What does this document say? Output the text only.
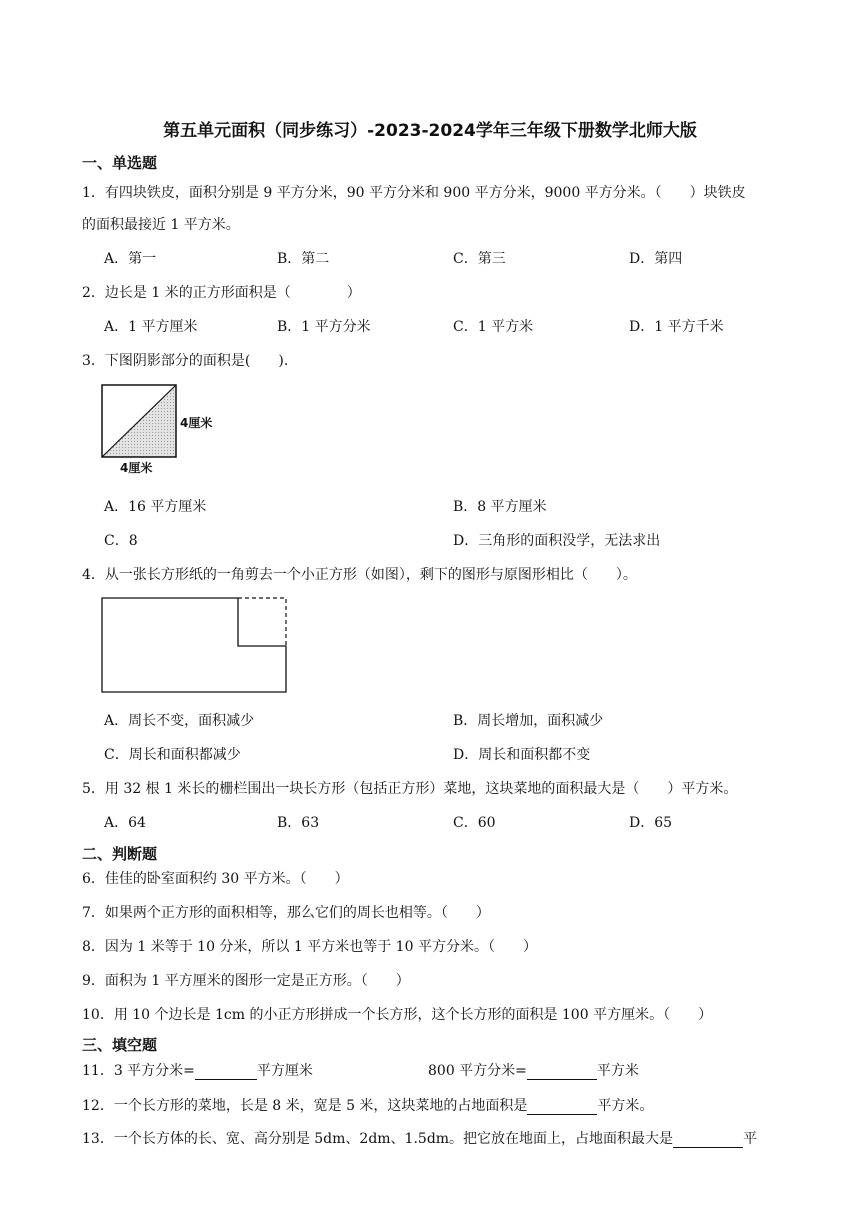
第五单元面积（同步练习）-2023-2024学年三年级下册数学北师大版
一、单选题
1．有四块铁皮，面积分别是 9 平方分米，90 平方分米和 900 平方分米，9000 平方分米。（　　）块铁皮
的面积最接近 1 平方米。
A．第一	B．第二	C．第三	D．第四
2．边长是 1 米的正方形面积是（　　　　）
A．1 平方厘米	B．1 平方分米	C．1 平方米	D．1 平方千米
3．下图阴影部分的面积是(　　).
4厘米
4厘米
A．16 平方厘米	B．8 平方厘米
C．8	D．三角形的面积没学，无法求出
4．从一张长方形纸的一角剪去一个小正方形（如图），剩下的图形与原图形相比（　　）。
A．周长不变，面积减少	B．周长增加，面积减少
C．周长和面积都减少	D．周长和面积都不变
5．用 32 根 1 米长的栅栏围出一块长方形（包括正方形）菜地，这块菜地的面积最大是（　　）平方米。
A．64	B．63	C．60	D．65
二、判断题
6．佳佳的卧室面积约 30 平方米。（　　）
7．如果两个正方形的面积相等，那么它们的周长也相等。（　　）
8．因为 1 米等于 10 分米，所以 1 平方米也等于 10 平方分米。（　　）
9．面积为 1 平方厘米的图形一定是正方形。（　　）
10．用 10 个边长是 1cm 的小正方形拼成一个长方形，这个长方形的面积是 100 平方厘米。（　　）
三、填空题
11．3 平方分米=	平方厘米	800 平方分米=	平方米
12．一个长方形的菜地，长是 8 米，宽是 5 米，这块菜地的占地面积是	平方米。
13．一个长方体的长、宽、高分别是 5dm、2dm、1.5dm。把它放在地面上，占地面积最大是	平
